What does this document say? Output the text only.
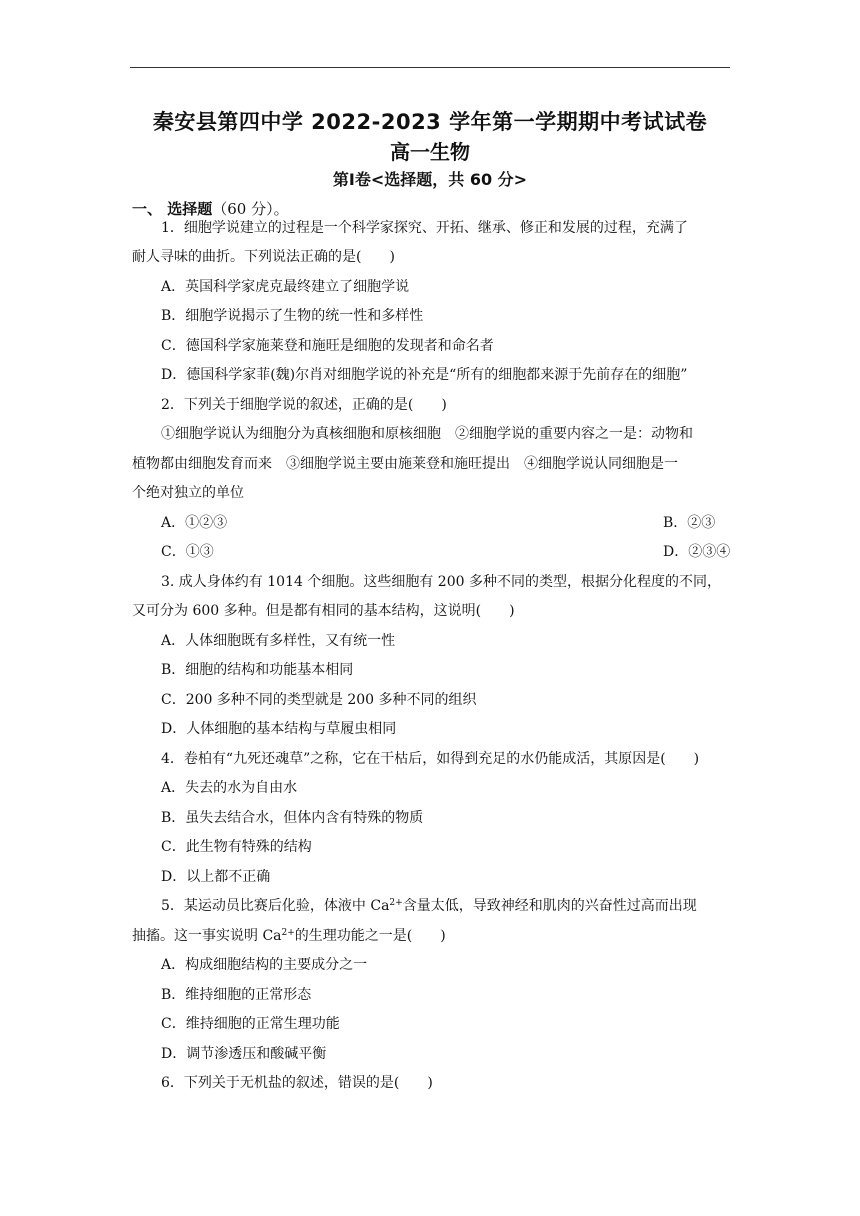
秦安县第四中学 2022-2023 学年第一学期期中考试试卷
高一生物
第Ⅰ卷<选择题，共 60 分>
一、 选择题（60 分）。
1．细胞学说建立的过程是一个科学家探究、开拓、继承、修正和发展的过程，充满了
耐人寻味的曲折。下列说法正确的是(　　)
A．英国科学家虎克最终建立了细胞学说
B．细胞学说揭示了生物的统一性和多样性
C．德国科学家施莱登和施旺是细胞的发现者和命名者
D．德国科学家菲(魏)尔肖对细胞学说的补充是“所有的细胞都来源于先前存在的细胞”
2．下列关于细胞学说的叙述，正确的是(　　)
①细胞学说认为细胞分为真核细胞和原核细胞　②细胞学说的重要内容之一是：动物和
植物都由细胞发育而来　③细胞学说主要由施莱登和施旺提出　④细胞学说认同细胞是一
个绝对独立的单位
A．①②③	B．②③
C．①③	D．②③④
3. 成人身体约有 1014 个细胞。这些细胞有 200 多种不同的类型，根据分化程度的不同，
又可分为 600 多种。但是都有相同的基本结构，这说明(　　)
A．人体细胞既有多样性，又有统一性
B．细胞的结构和功能基本相同
C．200 多种不同的类型就是 200 多种不同的组织
D．人体细胞的基本结构与草履虫相同
4．卷柏有“九死还魂草”之称，它在干枯后，如得到充足的水仍能成活，其原因是(　　)
A．失去的水为自由水
B．虽失去结合水，但体内含有特殊的物质
C．此生物有特殊的结构
D．以上都不正确
5．某运动员比赛后化验，体液中 $Ca^{2+}$含量太低，导致神经和肌肉的兴奋性过高而出现
抽搐。这一事实说明 $Ca^{2+}$的生理功能之一是(　　)
A．构成细胞结构的主要成分之一
B．维持细胞的正常形态
C．维持细胞的正常生理功能
D．调节渗透压和酸碱平衡
6．下列关于无机盐的叙述，错误的是(　　)
